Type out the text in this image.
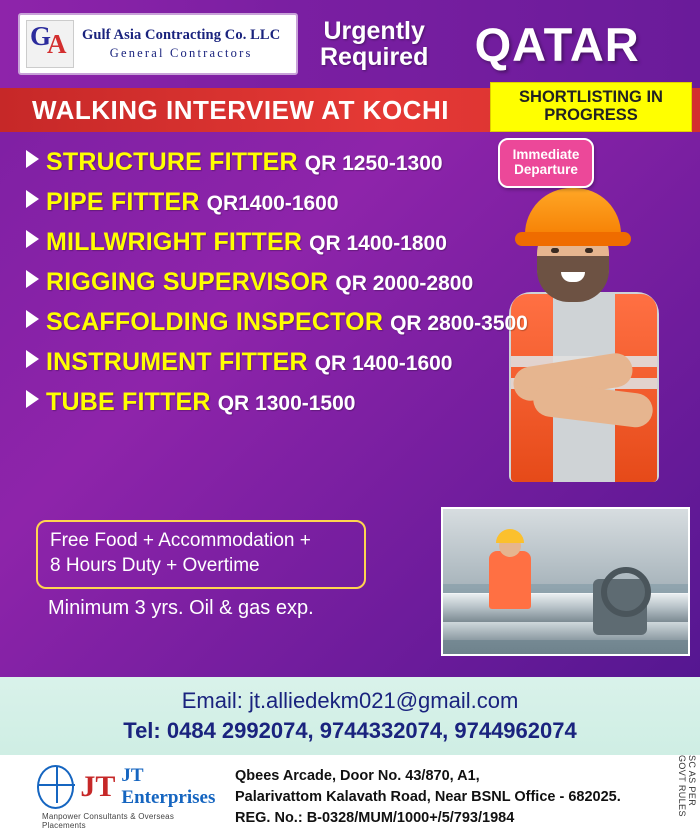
G
A Gulf Asia Contracting Co. LLC
General Contractors
Urgently
Required QATAR
WALKING INTERVIEW AT KOCHI	SHORTLISTING IN
PROGRESS
Immediate
Departure
STRUCTURE FITTER QR 1250-1300
PIPE FITTER QR1400-1600
MILLWRIGHT FITTER QR 1400-1800
RIGGING SUPERVISOR QR 2000-2800
SCAFFOLDING INSPECTOR QR 2800-3500
INSTRUMENT FITTER QR 1400-1600
TUBE FITTER QR 1300-1500
Free Food + Accommodation +
8 Hours Duty + Overtime
Minimum 3 yrs. Oil & gas exp.
Email: jt.alliedekm021@gmail.com
Tel: 0484 2992074, 9744332074, 9744962074
JT JT Enterprises
Manpower Consultants & Overseas Placements
Qbees Arcade, Door No. 43/870, A1,
Palarivattom Kalavath Road, Near BSNL Office - 682025.
REG. No.: B-0328/MUM/1000+/5/793/1984
SC AS PER GOVT RULES
